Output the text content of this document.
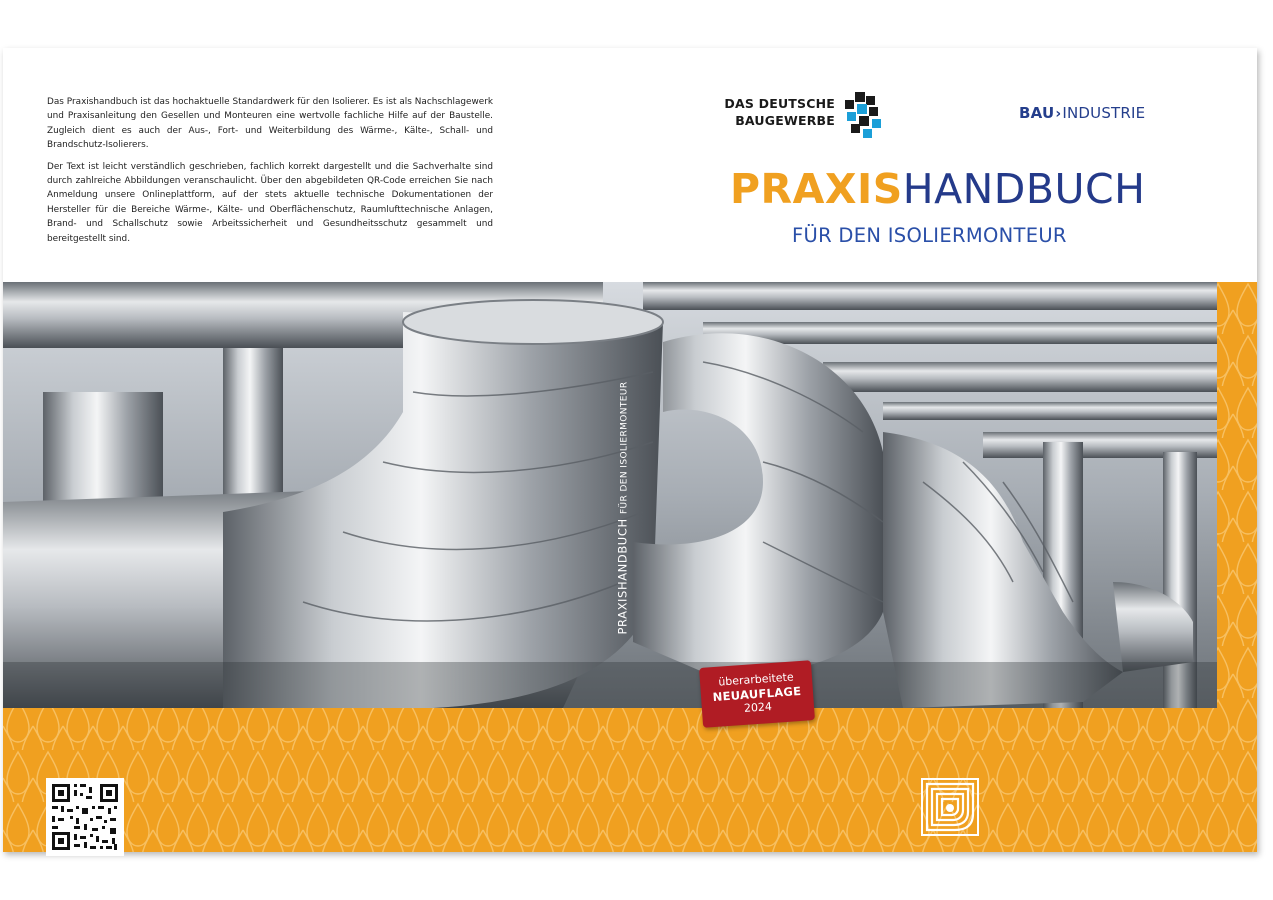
Das Praxishandbuch ist das hochaktuelle Standardwerk für den Isolierer. Es ist als Nachschlagewerk und Praxisanleitung den Gesellen und Monteuren eine wertvolle fachliche Hilfe auf der Baustelle. Zugleich dient es auch der Aus-, Fort- und Weiterbildung des Wärme-, Kälte-, Schall- und Brandschutz-Isolierers.

Der Text ist leicht verständlich geschrieben, fachlich korrekt dargestellt und die Sachverhalte sind durch zahlreiche Abbildungen veranschaulicht. Über den abgebildeten QR-Code erreichen Sie nach Anmeldung unsere Onlineplattform, auf der stets aktuelle technische Dokumentationen der Hersteller für die Bereiche Wärme-, Kälte- und Oberflächenschutz, Raumlufttechnische Anlagen, Brand- und Schallschutz sowie Arbeitssicherheit und Gesundheitsschutz gesammelt und bereitgestellt sind.

DAS DEUTSCHE
BAUGEWERBE	BAU›INDUSTRIE
PRAXISHANDBUCH
FÜR DEN ISOLIERMONTEUR
PRAXISHANDBUCH FÜR DEN ISOLIERMONTEUR
überarbeitete
NEUAUFLAGE
2024
ISBN 978-3-9821342-1-5	Hrsg.: Fördergemeinschaft Dämmtechnik – Wärme-, Kälte-, Schall- und Brandschutz e.V.
